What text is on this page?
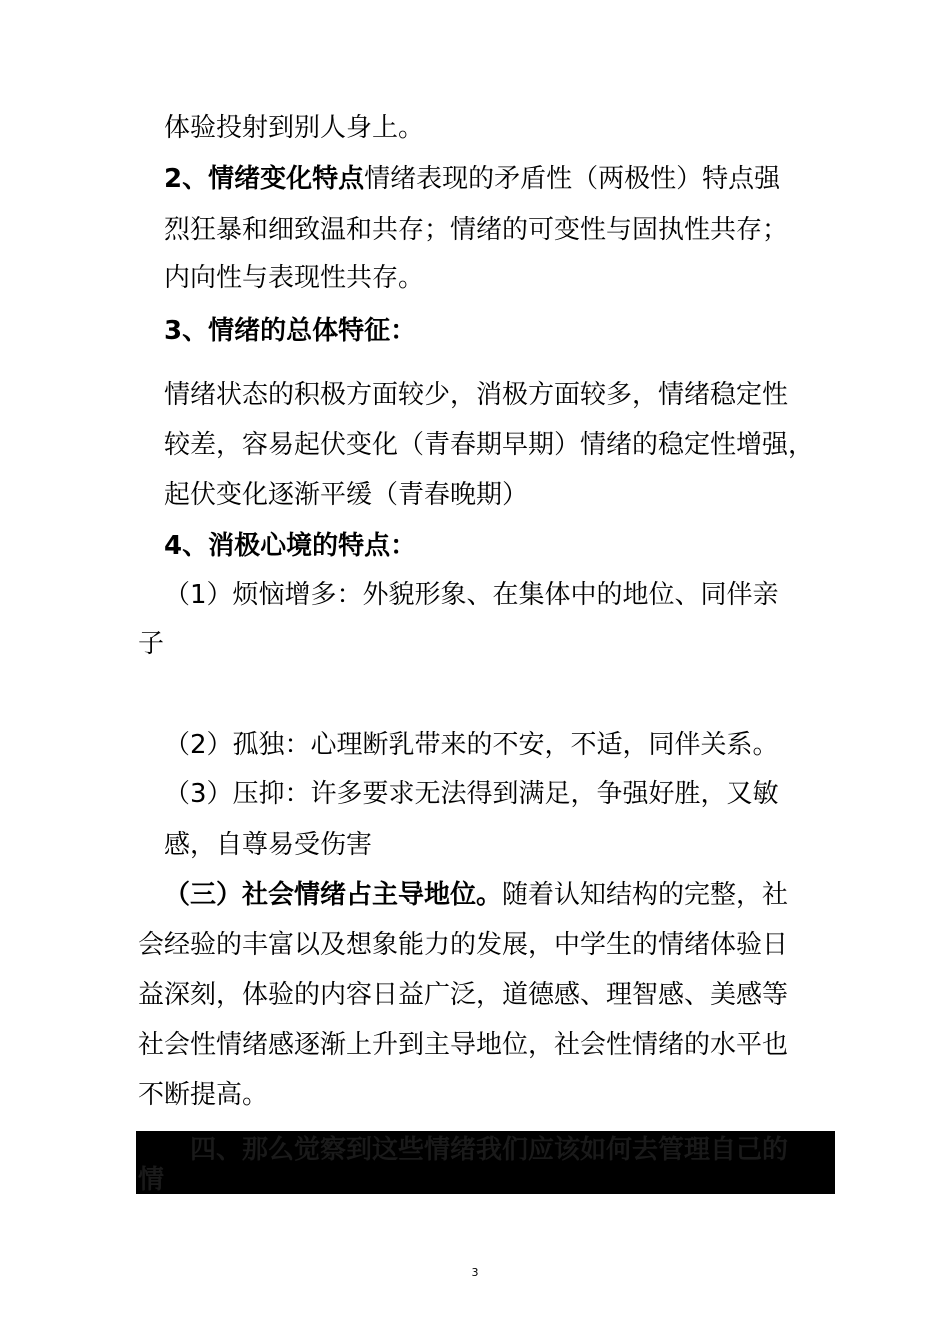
体验投射到别人身上。
2、情绪变化特点情绪表现的矛盾性（两极性）特点强
烈狂暴和细致温和共存；情绪的可变性与固执性共存；
内向性与表现性共存。
3、情绪的总体特征：
情绪状态的积极方面较少，消极方面较多，情绪稳定性
较差，容易起伏变化（青春期早期）情绪的稳定性增强，
起伏变化逐渐平缓（青春晚期）
4、消极心境的特点：
（1）烦恼增多：外貌形象、在集体中的地位、同伴亲
子
（2）孤独：心理断乳带来的不安，不适，同伴关系。
（3）压抑：许多要求无法得到满足，争强好胜，又敏
感，自尊易受伤害
（三）社会情绪占主导地位。随着认知结构的完整，社
会经验的丰富以及想象能力的发展，中学生的情绪体验日
益深刻，体验的内容日益广泛，道德感、理智感、美感等
社会性情绪感逐渐上升到主导地位，社会性情绪的水平也
不断提高。
四、那么觉察到这些情绪我们应该如何去管理自己的
情
3
